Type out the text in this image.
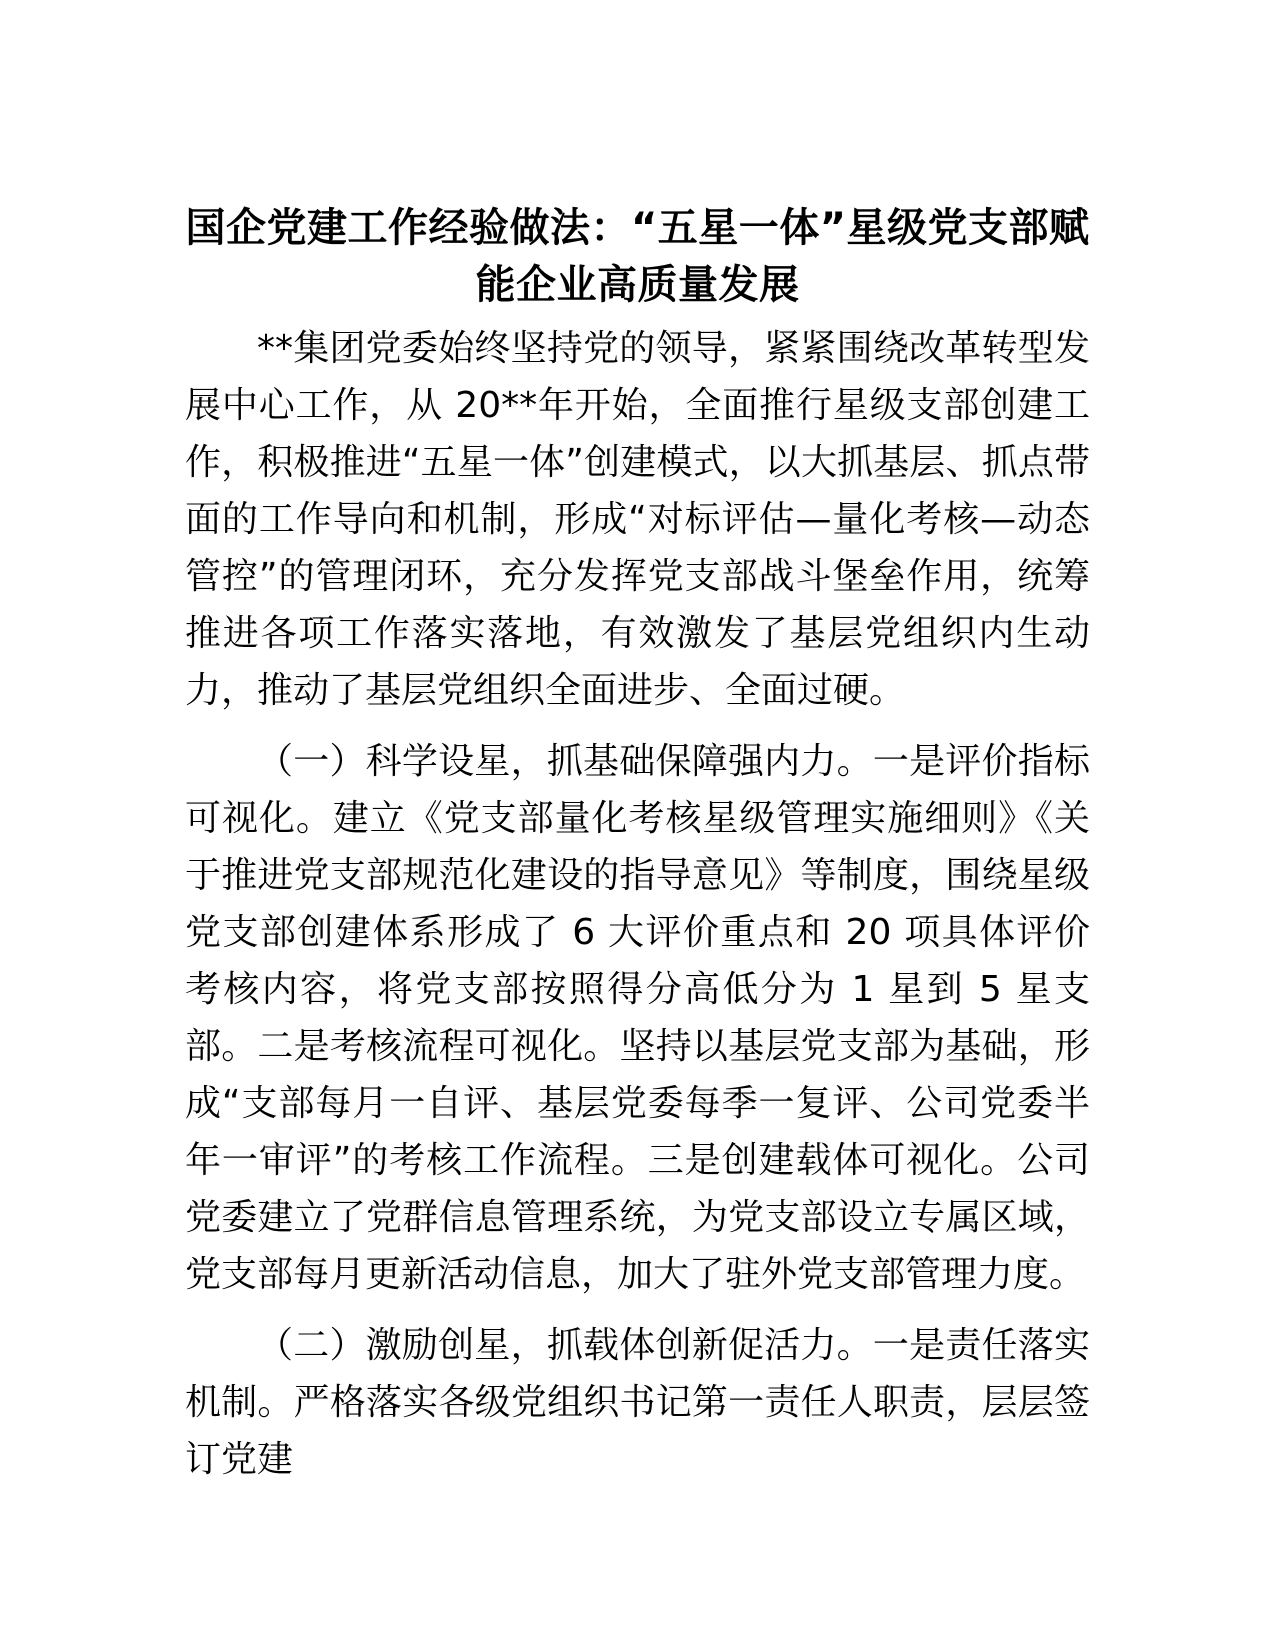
国企党建工作经验做法：“五星一体”星级党支部赋能企业高质量发展

**集团党委始终坚持党的领导，紧紧围绕改革转型发展中心工作，从 20**年开始，全面推行星级支部创建工作，积极推进“五星一体”创建模式，以大抓基层、抓点带面的工作导向和机制，形成“对标评估—量化考核—动态管控”的管理闭环，充分发挥党支部战斗堡垒作用，统筹推进各项工作落实落地，有效激发了基层党组织内生动力，推动了基层党组织全面进步、全面过硬。

（一）科学设星，抓基础保障强内力。一是评价指标可视化。建立《党支部量化考核星级管理实施细则》《关于推进党支部规范化建设的指导意见》等制度，围绕星级党支部创建体系形成了 6 大评价重点和 20 项具体评价考核内容，将党支部按照得分高低分为 1 星到 5 星支部。二是考核流程可视化。坚持以基层党支部为基础，形成“支部每月一自评、基层党委每季一复评、公司党委半年一审评”的考核工作流程。三是创建载体可视化。公司党委建立了党群信息管理系统，为党支部设立专属区域，党支部每月更新活动信息，加大了驻外党支部管理力度。

（二）激励创星，抓载体创新促活力。一是责任落实机制。严格落实各级党组织书记第一责任人职责，层层签订党建
